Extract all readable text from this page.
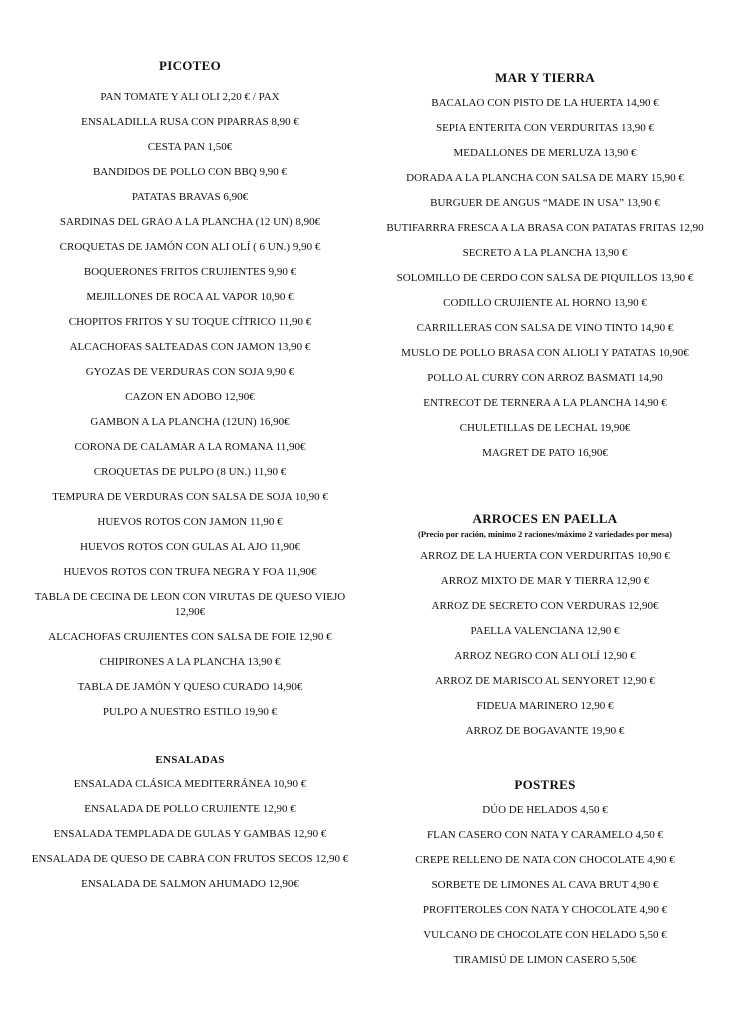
PICOTEO

PAN TOMATE Y ALI OLI 2,20 € / PAX

ENSALADILLA RUSA CON PIPARRAS 8,90 €

CESTA PAN 1,50€

BANDIDOS DE POLLO CON BBQ 9,90 €

PATATAS BRAVAS 6,90€

SARDINAS DEL GRAO A LA PLANCHA (12 UN) 8,90€

CROQUETAS DE JAMÓN CON ALI OLÍ ( 6 UN.) 9,90 €

BOQUERONES FRITOS CRUJIENTES 9,90 €

MEJILLONES DE ROCA AL VAPOR 10,90 €

CHOPITOS FRITOS Y SU TOQUE CÍTRICO 11,90 €

ALCACHOFAS SALTEADAS CON JAMON 13,90 €

GYOZAS DE VERDURAS CON SOJA 9,90 €

CAZON EN ADOBO 12,90€

GAMBON A LA PLANCHA (12UN) 16,90€

CORONA DE CALAMAR A LA ROMANA 11,90€

CROQUETAS DE PULPO (8 UN.) 11,90 €

TEMPURA DE VERDURAS CON SALSA DE SOJA 10,90 €

HUEVOS ROTOS CON JAMON 11,90 €

HUEVOS ROTOS CON GULAS AL AJO 11,90€

HUEVOS ROTOS CON TRUFA NEGRA Y FOA 11,90€

TABLA DE CECINA DE LEON CON VIRUTAS DE QUESO VIEJO 12,90€

ALCACHOFAS CRUJIENTES CON SALSA DE FOIE 12,90 €

CHIPIRONES A LA PLANCHA 13,90 €

TABLA DE JAMÓN Y QUESO CURADO 14,90€

PULPO A NUESTRO ESTILO 19,90 €

ENSALADAS

ENSALADA CLÁSICA MEDITERRÁNEA 10,90 €

ENSALADA DE POLLO CRUJIENTE 12,90 €

ENSALADA TEMPLADA DE GULAS Y GAMBAS 12,90 €

ENSALADA DE QUESO DE CABRA CON FRUTOS SECOS 12,90 €

ENSALADA DE SALMON AHUMADO 12,90€

MAR Y TIERRA

BACALAO CON PISTO DE LA HUERTA 14,90 €

SEPIA ENTERITA CON VERDURITAS 13,90 €

MEDALLONES DE MERLUZA 13,90 €

DORADA A LA PLANCHA CON SALSA DE MARY 15,90 €

BURGUER DE ANGUS “MADE IN USA” 13,90 €

BUTIFARRRA FRESCA A LA BRASA CON PATATAS FRITAS 12,90

SECRETO A LA PLANCHA 13,90 €

SOLOMILLO DE CERDO CON SALSA DE PIQUILLOS 13,90 €

CODILLO CRUJIENTE AL HORNO 13,90 €

CARRILLERAS CON SALSA DE VINO TINTO 14,90 €

MUSLO DE POLLO BRASA CON ALIOLI Y PATATAS 10,90€

POLLO AL CURRY CON ARROZ BASMATI 14,90

ENTRECOT DE TERNERA A LA PLANCHA 14,90 €

CHULETILLAS DE LECHAL 19,90€

MAGRET DE PATO 16,90€

ARROCES EN PAELLA
(Precio por ración, mínimo 2 raciones/máximo 2 variedades por mesa)

ARROZ DE LA HUERTA CON VERDURITAS 10,90 €

ARROZ MIXTO DE MAR Y TIERRA 12,90 €

ARROZ DE SECRETO CON VERDURAS 12,90€

PAELLA VALENCIANA 12,90 €

ARROZ NEGRO CON ALI OLÍ 12,90 €

ARROZ DE MARISCO AL SENYORET 12,90 €

FIDEUA MARINERO 12,90 €

ARROZ DE BOGAVANTE 19,90 €

POSTRES

DÚO DE HELADOS 4,50 €

FLAN CASERO CON NATA Y CARAMELO 4,50 €

CREPE RELLENO DE NATA CON CHOCOLATE 4,90 €

SORBETE DE LIMONES AL CAVA BRUT 4,90 €

PROFITEROLES CON NATA Y CHOCOLATE 4,90 €

VULCANO DE CHOCOLATE CON HELADO 5,50 €

TIRAMISÚ DE LIMON CASERO 5,50€
